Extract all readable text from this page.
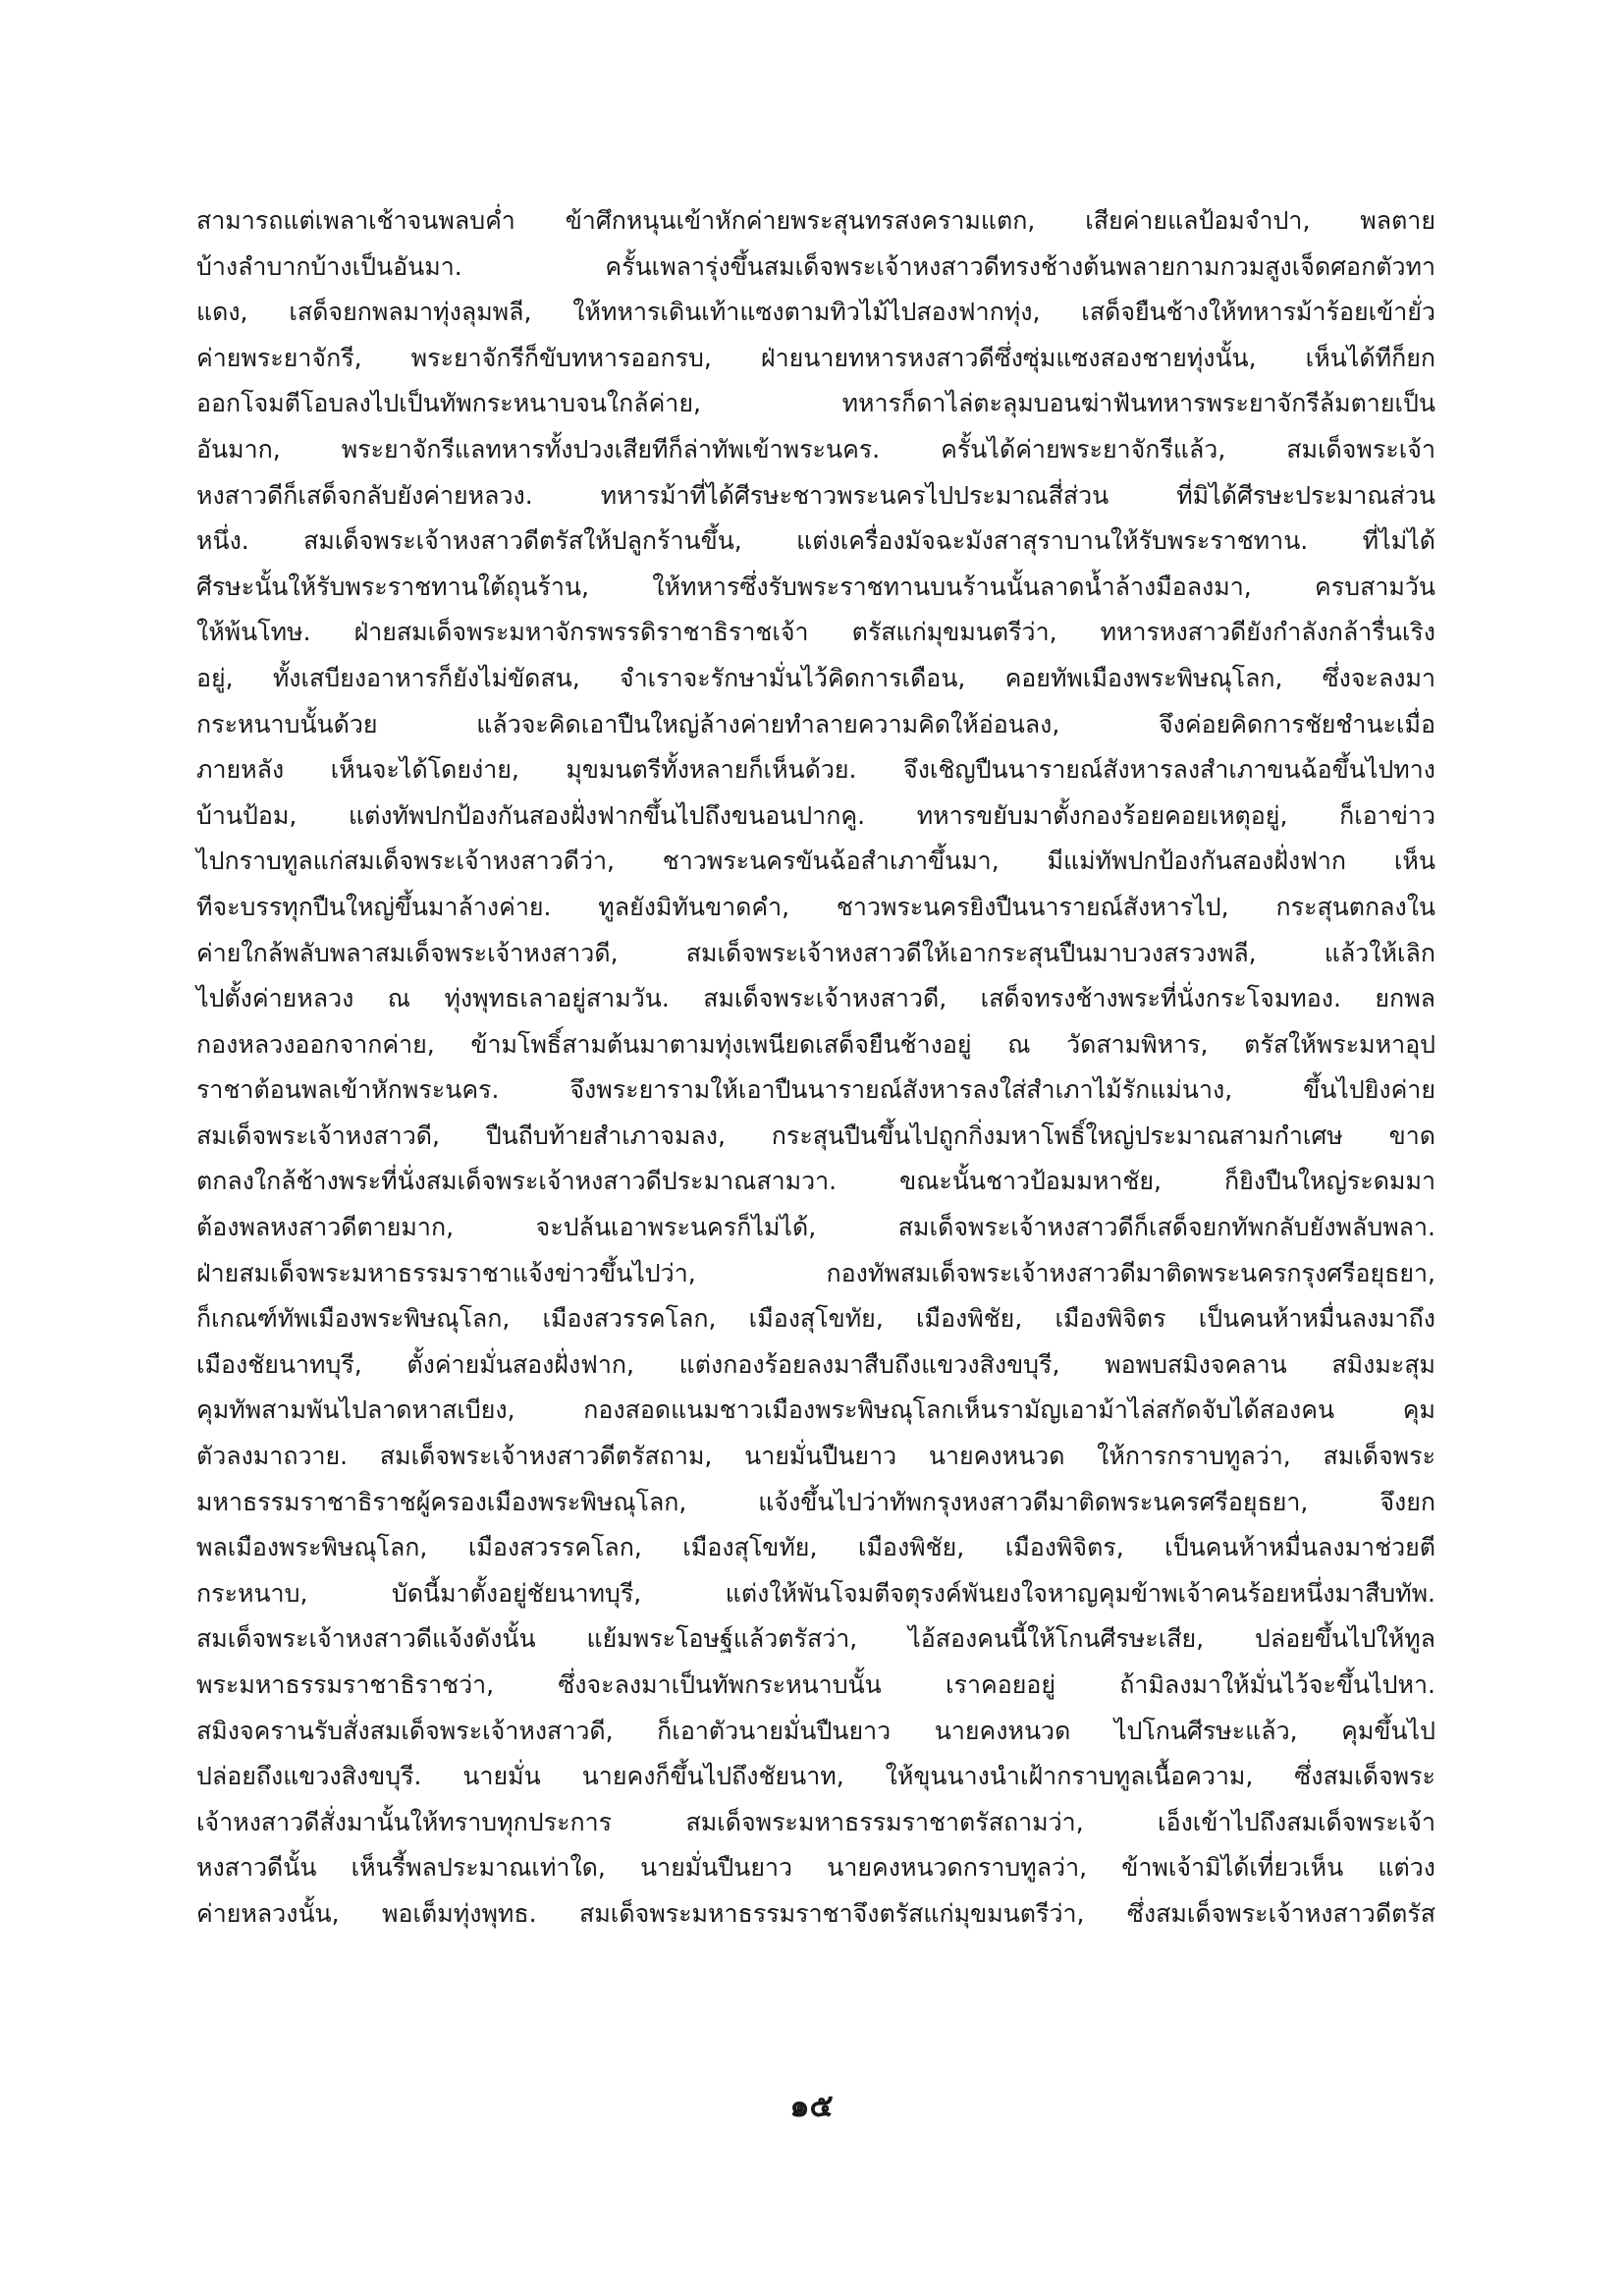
สามารถแต่เพลาเช้าจนพลบค่ำ ข้าศึกหนุนเข้าหักค่ายพระสุนทรสงครามแตก, เสียค่ายแลป้อมจำปา, พลตาย
บ้างลำบากบ้างเป็นอันมา. ครั้นเพลารุ่งขึ้นสมเด็จพระเจ้าหงสาวดีทรงช้างต้นพลายกามกวมสูงเจ็ดศอกตัวทา
แดง, เสด็จยกพลมาทุ่งลุมพลี, ให้ทหารเดินเท้าแซงตามทิวไม้ไปสองฟากทุ่ง, เสด็จยืนช้างให้ทหารม้าร้อยเข้ายั่ว
ค่ายพระยาจักรี, พระยาจักรีก็ขับทหารออกรบ, ฝ่ายนายทหารหงสาวดีซึ่งซุ่มแซงสองชายทุ่งนั้น, เห็นได้ทีก็ยก
ออกโจมตีโอบลงไปเป็นทัพกระหนาบจนใกล้ค่าย, ทหารก็ดาไล่ตะลุมบอนฆ่าฟันทหารพระยาจักรีล้มตายเป็น
อันมาก, พระยาจักรีแลทหารทั้งปวงเสียทีก็ล่าทัพเข้าพระนคร. ครั้นได้ค่ายพระยาจักรีแล้ว, สมเด็จพระเจ้า
หงสาวดีก็เสด็จกลับยังค่ายหลวง. ทหารม้าที่ได้ศีรษะชาวพระนครไปประมาณสี่ส่วน ที่มิได้ศีรษะประมาณส่วน
หนึ่ง. สมเด็จพระเจ้าหงสาวดีตรัสให้ปลูกร้านขึ้น, แต่งเครื่องมัจฉะมังสาสุราบานให้รับพระราชทาน. ที่ไม่ได้
ศีรษะนั้นให้รับพระราชทานใต้ถุนร้าน, ให้ทหารซึ่งรับพระราชทานบนร้านนั้นลาดน้ำล้างมือลงมา, ครบสามวัน
ให้พ้นโทษ. ฝ่ายสมเด็จพระมหาจักรพรรดิราชาธิราชเจ้า ตรัสแก่มุขมนตรีว่า, ทหารหงสาวดียังกำลังกล้ารื่นเริง
อยู่, ทั้งเสบียงอาหารก็ยังไม่ขัดสน, จำเราจะรักษามั่นไว้คิดการเดือน, คอยทัพเมืองพระพิษณุโลก, ซึ่งจะลงมา
กระหนาบนั้นด้วย แล้วจะคิดเอาปืนใหญ่ล้างค่ายทำลายความคิดให้อ่อนลง, จึงค่อยคิดการชัยชำนะเมื่อ
ภายหลัง เห็นจะได้โดยง่าย, มุขมนตรีทั้งหลายก็เห็นด้วย. จึงเชิญปืนนารายณ์สังหารลงสำเภาขนฉ้อขึ้นไปทาง
บ้านป้อม, แต่งทัพปกป้องกันสองฝั่งฟากขึ้นไปถึงขนอนปากคู. ทหารขยับมาตั้งกองร้อยคอยเหตุอยู่, ก็เอาข่าว
ไปกราบทูลแก่สมเด็จพระเจ้าหงสาวดีว่า, ชาวพระนครขันฉ้อสำเภาขึ้นมา, มีแม่ทัพปกป้องกันสองฝั่งฟาก เห็น
ทีจะบรรทุกปืนใหญ่ขึ้นมาล้างค่าย. ทูลยังมิทันขาดคำ, ชาวพระนครยิงปืนนารายณ์สังหารไป, กระสุนตกลงใน
ค่ายใกล้พลับพลาสมเด็จพระเจ้าหงสาวดี, สมเด็จพระเจ้าหงสาวดีให้เอากระสุนปืนมาบวงสรวงพลี, แล้วให้เลิก
ไปตั้งค่ายหลวง ณ ทุ่งพุทธเลาอยู่สามวัน. สมเด็จพระเจ้าหงสาวดี, เสด็จทรงช้างพระที่นั่งกระโจมทอง. ยกพล
กองหลวงออกจากค่าย, ข้ามโพธิ์สามต้นมาตามทุ่งเพนียดเสด็จยืนช้างอยู่ ณ วัดสามพิหาร, ตรัสให้พระมหาอุป
ราชาต้อนพลเข้าหักพระนคร. จึงพระยารามให้เอาปืนนารายณ์สังหารลงใส่สำเภาไม้รักแม่นาง, ขึ้นไปยิงค่าย
สมเด็จพระเจ้าหงสาวดี, ปืนถีบท้ายสำเภาจมลง, กระสุนปืนขึ้นไปถูกกิ่งมหาโพธิ์ใหญ่ประมาณสามกำเศษ ขาด
ตกลงใกล้ช้างพระที่นั่งสมเด็จพระเจ้าหงสาวดีประมาณสามวา. ขณะนั้นชาวป้อมมหาชัย, ก็ยิงปืนใหญ่ระดมมา
ต้องพลหงสาวดีตายมาก, จะปล้นเอาพระนครก็ไม่ได้, สมเด็จพระเจ้าหงสาวดีก็เสด็จยกทัพกลับยังพลับพลา.
ฝ่ายสมเด็จพระมหาธรรมราชาแจ้งข่าวขึ้นไปว่า, กองทัพสมเด็จพระเจ้าหงสาวดีมาติดพระนครกรุงศรีอยุธยา,
ก็เกณฑ์ทัพเมืองพระพิษณุโลก, เมืองสวรรคโลก, เมืองสุโขทัย, เมืองพิชัย, เมืองพิจิตร เป็นคนห้าหมื่นลงมาถึง
เมืองชัยนาทบุรี, ตั้งค่ายมั่นสองฝั่งฟาก, แต่งกองร้อยลงมาสืบถึงแขวงสิงขบุรี, พอพบสมิงจคลาน สมิงมะสุม
คุมทัพสามพันไปลาดหาสเบียง, กองสอดแนมชาวเมืองพระพิษณุโลกเห็นรามัญเอาม้าไล่สกัดจับได้สองคน คุม
ตัวลงมาถวาย. สมเด็จพระเจ้าหงสาวดีตรัสถาม, นายมั่นปืนยาว นายคงหนวด ให้การกราบทูลว่า, สมเด็จพระ
มหาธรรมราชาธิราชผู้ครองเมืองพระพิษณุโลก, แจ้งขึ้นไปว่าทัพกรุงหงสาวดีมาติดพระนครศรีอยุธยา, จึงยก
พลเมืองพระพิษณุโลก, เมืองสวรรคโลก, เมืองสุโขทัย, เมืองพิชัย, เมืองพิจิตร, เป็นคนห้าหมื่นลงมาช่วยตี
กระหนาบ, บัดนี้มาตั้งอยู่ชัยนาทบุรี, แต่งให้พันโจมตีจตุรงค์พันยงใจหาญคุมข้าพเจ้าคนร้อยหนึ่งมาสืบทัพ.
สมเด็จพระเจ้าหงสาวดีแจ้งดังนั้น แย้มพระโอษฐ์แล้วตรัสว่า, ไอ้สองคนนี้ให้โกนศีรษะเสีย, ปล่อยขึ้นไปให้ทูล
พระมหาธรรมราชาธิราชว่า, ซึ่งจะลงมาเป็นทัพกระหนาบนั้น เราคอยอยู่ ถ้ามิลงมาให้มั่นไว้จะขึ้นไปหา.
สมิงจครานรับสั่งสมเด็จพระเจ้าหงสาวดี, ก็เอาตัวนายมั่นปืนยาว นายคงหนวด ไปโกนศีรษะแล้ว, คุมขึ้นไป
ปล่อยถึงแขวงสิงขบุรี. นายมั่น นายคงก็ขึ้นไปถึงชัยนาท, ให้ขุนนางนำเฝ้ากราบทูลเนื้อความ, ซึ่งสมเด็จพระ
เจ้าหงสาวดีสั่งมานั้นให้ทราบทุกประการ สมเด็จพระมหาธรรมราชาตรัสถามว่า, เอ็งเข้าไปถึงสมเด็จพระเจ้า
หงสาวดีนั้น เห็นรี้พลประมาณเท่าใด, นายมั่นปืนยาว นายคงหนวดกราบทูลว่า, ข้าพเจ้ามิได้เที่ยวเห็น แต่วง
ค่ายหลวงนั้น, พอเต็มทุ่งพุทธ. สมเด็จพระมหาธรรมราชาจึงตรัสแก่มุขมนตรีว่า, ซึ่งสมเด็จพระเจ้าหงสาวดีตรัส
๑๕
